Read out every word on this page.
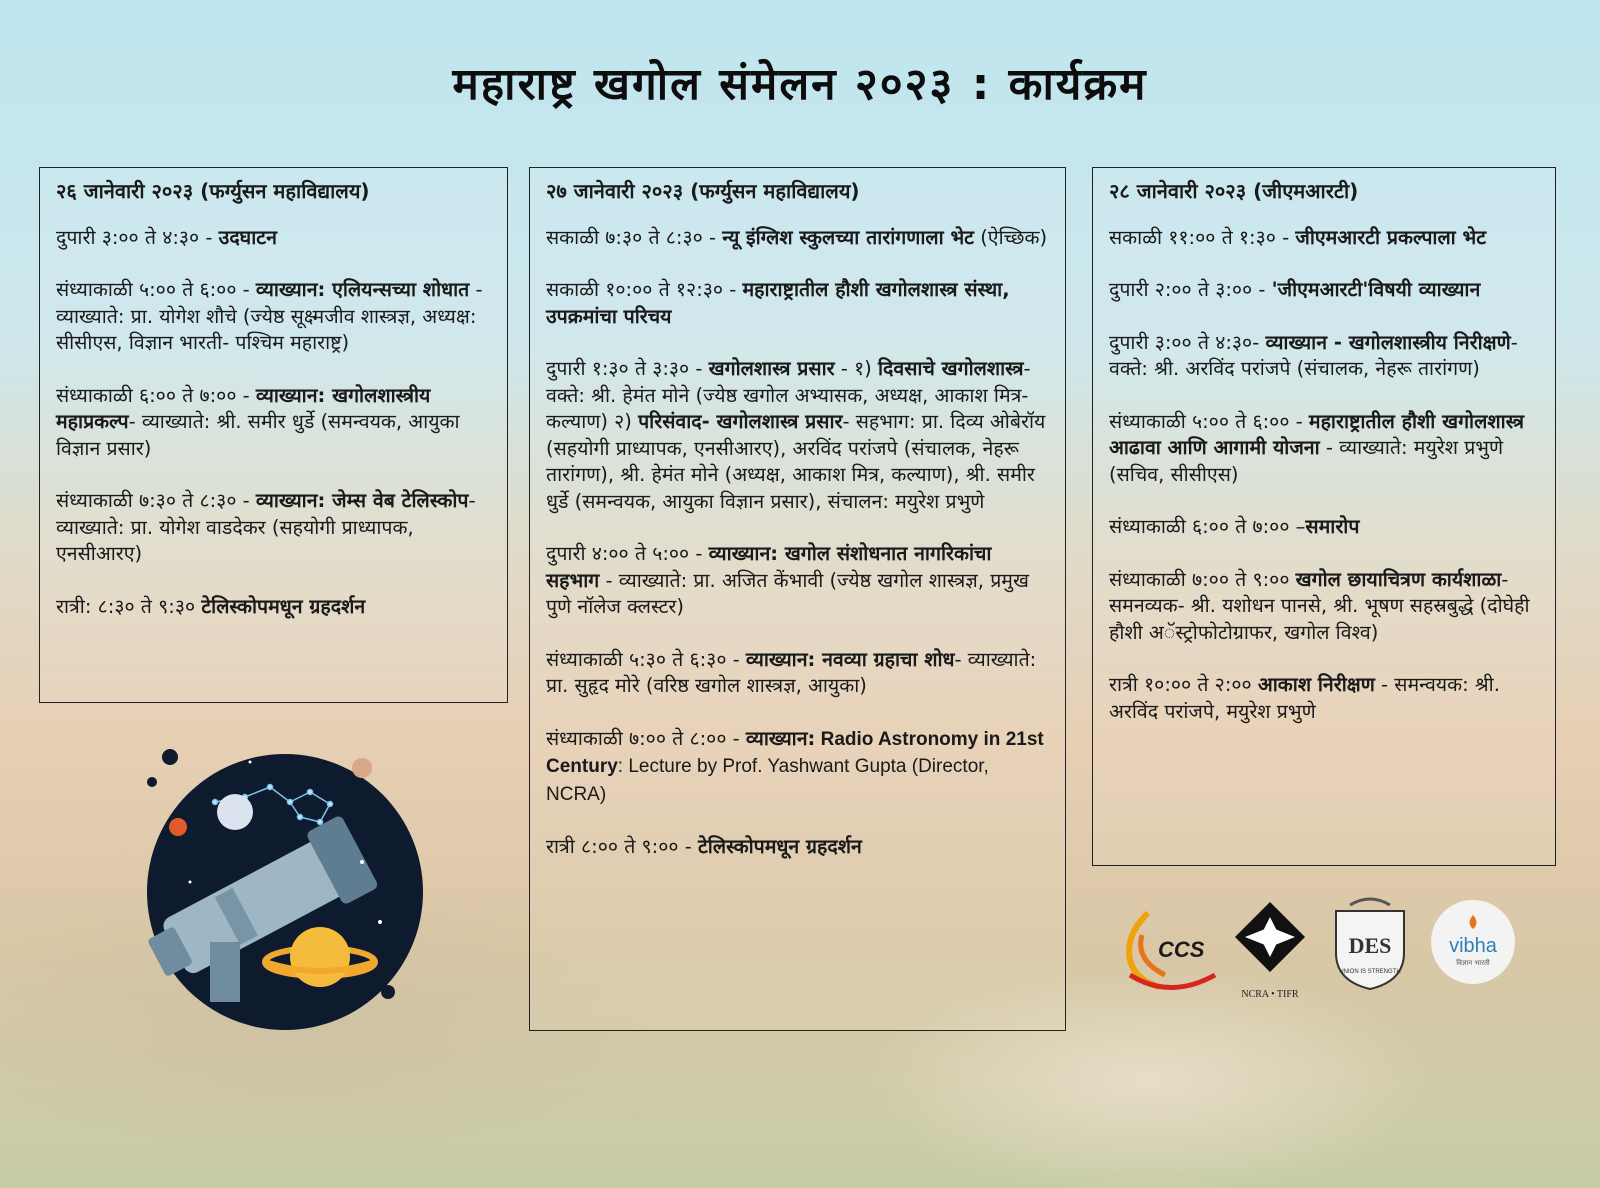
महाराष्ट्र खगोल संमेलन २०२३ : कार्यक्रम
२६ जानेवारी २०२३ (फर्ग्युसन महाविद्यालय)
दुपारी ३:०० ते ४:३० - उदघाटन
संध्याकाळी ५:०० ते ६:०० - व्याख्यान: एलियन्सच्या शोधात - व्याख्याते: प्रा. योगेश शौचे (ज्येष्ठ सूक्ष्मजीव शास्त्रज्ञ, अध्यक्ष: सीसीएस, विज्ञान भारती- पश्चिम महाराष्ट्र)
संध्याकाळी ६:०० ते ७:०० - व्याख्यान: खगोलशास्त्रीय महाप्रकल्प- व्याख्याते: श्री. समीर धुर्डे (समन्वयक, आयुका विज्ञान प्रसार)
संध्याकाळी ७:३० ते ८:३० - व्याख्यान: जेम्स वेब टेलिस्कोप- व्याख्याते: प्रा. योगेश वाडदेकर (सहयोगी प्राध्यापक, एनसीआरए)
रात्री: ८:३० ते ९:३० टेलिस्कोपमधून ग्रहदर्शन
२७ जानेवारी २०२३ (फर्ग्युसन महाविद्यालय)
सकाळी ७:३० ते ८:३० - न्यू इंग्लिश स्कुलच्या तारांगणाला भेट (ऐच्छिक)
सकाळी १०:०० ते १२:३० - महाराष्ट्रातील हौशी खगोलशास्त्र संस्था, उपक्रमांचा परिचय
दुपारी १:३० ते ३:३० - खगोलशास्त्र प्रसार - १) दिवसाचे खगोलशास्त्र- वक्ते: श्री. हेमंत मोने (ज्येष्ठ खगोल अभ्यासक, अध्यक्ष, आकाश मित्र- कल्याण) २) परिसंवाद- खगोलशास्त्र प्रसार- सहभाग: प्रा. दिव्य ओबेरॉय (सहयोगी प्राध्यापक, एनसीआरए), अरविंद परांजपे (संचालक, नेहरू तारांगण), श्री. हेमंत मोने (अध्यक्ष, आकाश मित्र, कल्याण), श्री. समीर धुर्डे (समन्वयक, आयुका विज्ञान प्रसार), संचालन: मयुरेश प्रभुणे
दुपारी ४:०० ते ५:०० - व्याख्यान: खगोल संशोधनात नागरिकांचा सहभाग - व्याख्याते: प्रा. अजित केंभावी (ज्येष्ठ खगोल शास्त्रज्ञ, प्रमुख पुणे नॉलेज क्लस्टर)
संध्याकाळी ५:३० ते ६:३० - व्याख्यान: नवव्या ग्रहाचा शोध- व्याख्याते: प्रा. सुहृद मोरे (वरिष्ठ खगोल शास्त्रज्ञ, आयुका)
संध्याकाळी ७:०० ते ८:०० - व्याख्यान: Radio Astronomy in 21st Century: Lecture by Prof. Yashwant Gupta (Director, NCRA)
रात्री ८:०० ते ९:०० - टेलिस्कोपमधून ग्रहदर्शन
२८ जानेवारी २०२३ (जीएमआरटी)
सकाळी ११:०० ते १:३० - जीएमआरटी प्रकल्पाला भेट
दुपारी २:०० ते ३:०० - 'जीएमआरटी'विषयी व्याख्यान
दुपारी ३:०० ते ४:३०- व्याख्यान - खगोलशास्त्रीय निरीक्षणे- वक्ते: श्री. अरविंद परांजपे (संचालक, नेहरू तारांगण)
संध्याकाळी ५:०० ते ६:०० - महाराष्ट्रातील हौशी खगोलशास्त्र आढावा आणि आगामी योजना - व्याख्याते: मयुरेश प्रभुणे (सचिव, सीसीएस)
संध्याकाळी ६:०० ते ७:०० –समारोप
संध्याकाळी ७:०० ते ९:०० खगोल छायाचित्रण कार्यशाळा- समनव्यक- श्री. यशोधन पानसे, श्री. भूषण सहस्रबुद्धे (दोघेही हौशी अॅस्ट्रोफोटोग्राफर, खगोल विश्व)
रात्री १०:०० ते २:०० आकाश निरीक्षण - समन्वयक: श्री. अरविंद परांजपे, मयुरेश प्रभुणे
CCS
NCRA • TIFR
DES
UNION IS STRENGTH
vibha
विज्ञान भारती
